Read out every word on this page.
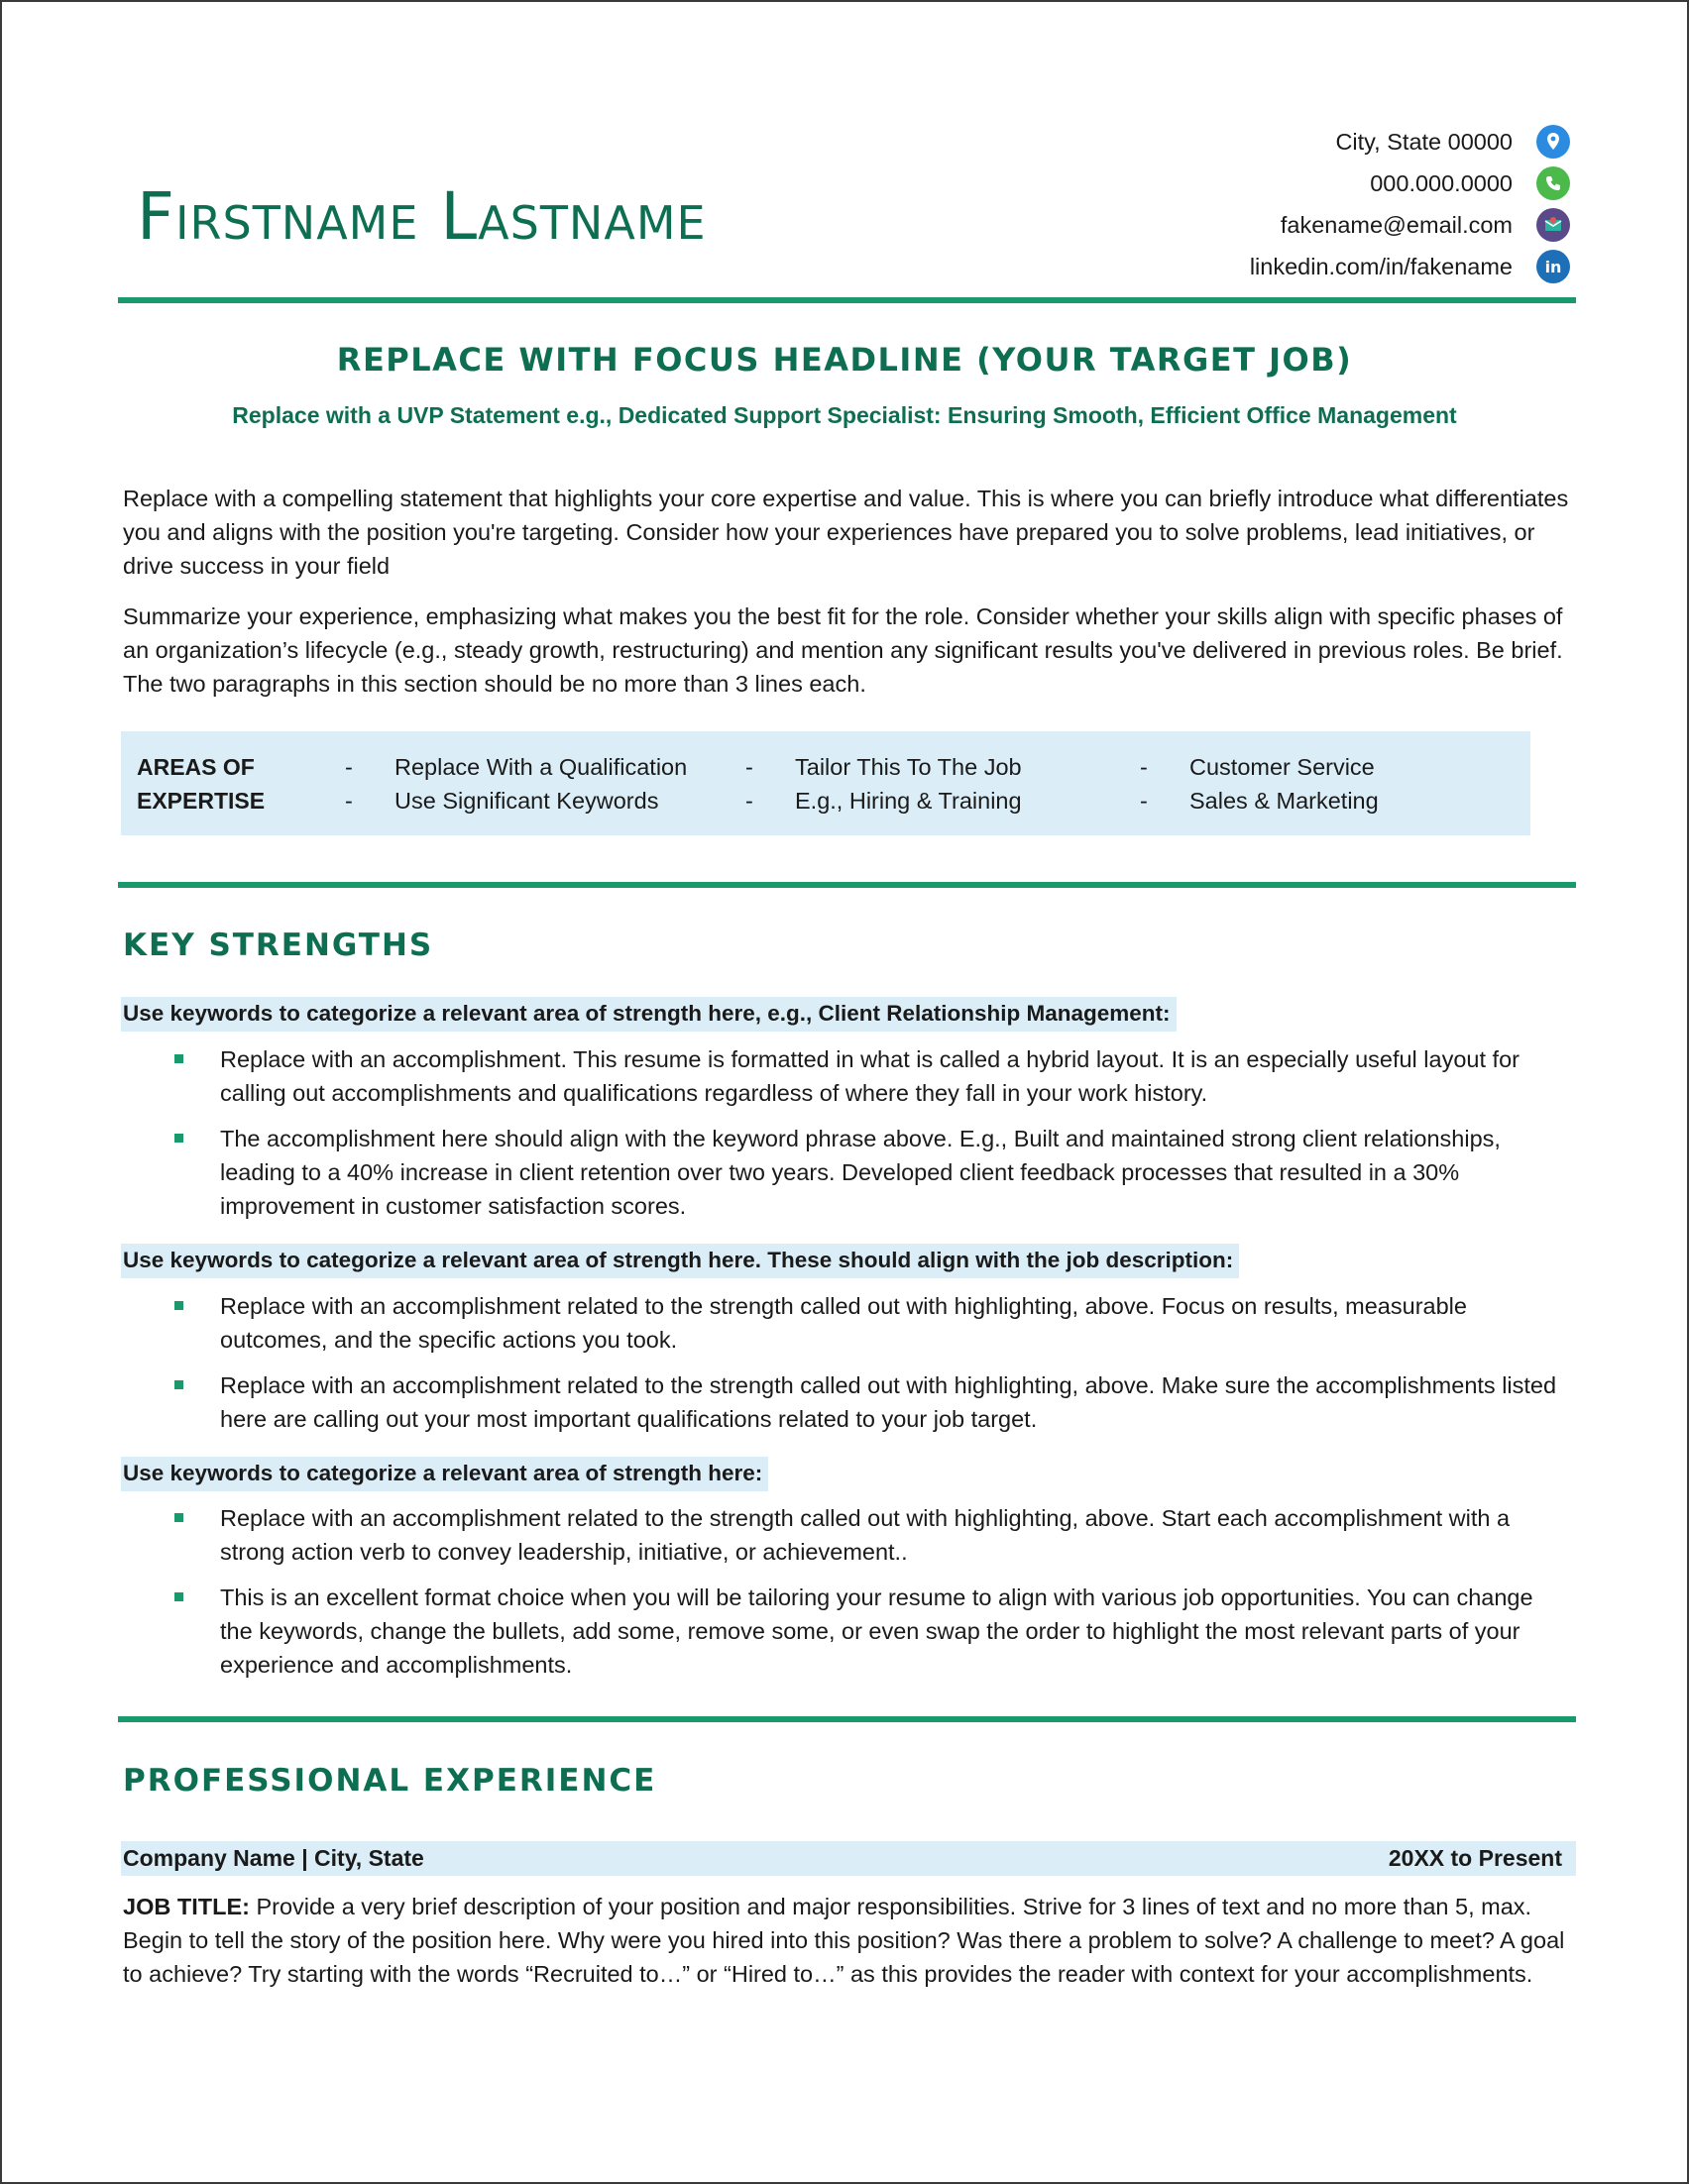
Firstname Lastname
City, State 00000
000.000.0000
fakename@email.com
linkedin.com/in/fakename	in
REPLACE WITH FOCUS HEADLINE (YOUR TARGET JOB)
Replace with a UVP Statement e.g., Dedicated Support Specialist: Ensuring Smooth, Efficient Office Management
Replace with a compelling statement that highlights your core expertise and value. This is where you can briefly introduce what differentiates you and aligns with the position you're targeting. Consider how your experiences have prepared you to solve problems, lead initiatives, or drive success in your field
Summarize your experience, emphasizing what makes you the best fit for the role. Consider whether your skills align with specific phases of an organization’s lifecycle (e.g., steady growth, restructuring) and mention any significant results you've delivered in previous roles. Be brief. The two paragraphs in this section should be no more than 3 lines each.
AREAS OF
EXPERTISE
-
-
Replace With a Qualification
Use Significant Keywords
-
-
Tailor This To The Job
E.g., Hiring & Training
-
-
Customer Service
Sales & Marketing
KEY STRENGTHS
Use keywords to categorize a relevant area of strength here, e.g., Client Relationship Management:
Replace with an accomplishment. This resume is formatted in what is called a hybrid layout. It is an especially useful layout for calling out accomplishments and qualifications regardless of where they fall in your work history.
The accomplishment here should align with the keyword phrase above. E.g., Built and maintained strong client relationships, leading to a 40% increase in client retention over two years. Developed client feedback processes that resulted in a 30% improvement in customer satisfaction scores.
Use keywords to categorize a relevant area of strength here. These should align with the job description:
Replace with an accomplishment related to the strength called out with highlighting, above. Focus on results, measurable outcomes, and the specific actions you took.
Replace with an accomplishment related to the strength called out with highlighting, above. Make sure the accomplishments listed here are calling out your most important qualifications related to your job target.
Use keywords to categorize a relevant area of strength here:
Replace with an accomplishment related to the strength called out with highlighting, above. Start each accomplishment with a strong action verb to convey leadership, initiative, or achievement..
This is an excellent format choice when you will be tailoring your resume to align with various job opportunities. You can change the keywords, change the bullets, add some, remove some, or even swap the order to highlight the most relevant parts of your experience and accomplishments.
PROFESSIONAL EXPERIENCE
Company Name | City, State	20XX to Present
JOB TITLE: Provide a very brief description of your position and major responsibilities. Strive for 3 lines of text and no more than 5, max. Begin to tell the story of the position here. Why were you hired into this position? Was there a problem to solve? A challenge to meet? A goal to achieve? Try starting with the words “Recruited to…” or “Hired to…” as this provides the reader with context for your accomplishments.
